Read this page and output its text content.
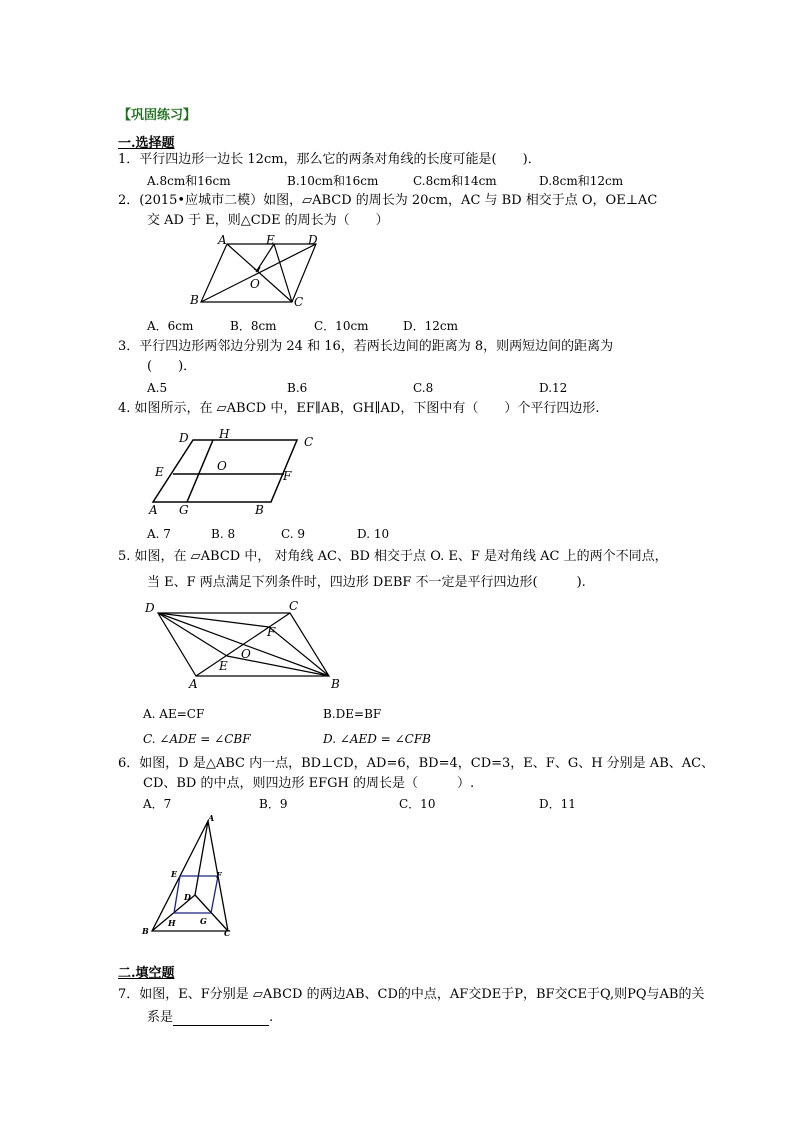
【巩固练习】
一.选择题
1．平行四边形一边长 12cm，那么它的两条对角线的长度可能是(　　)．
A.8cm和16cm	B.10cm和16cm	C.8cm和14cm	D.8cm和12cm
2．(2015•应城市二模）如图，▱ABCD 的周长为 20cm，AC 与 BD 相交于点 O，OE⊥AC
交 AD 于 E，则△CDE 的周长为（　　）
A	E	D
O
B	C
A．6cm	B．8cm	C．10cm	D．12cm
3．平行四边形两邻边分别为 24 和 16，若两长边间的距离为 8，则两短边间的距离为
(　　)．
A.5	B.6	C.8	D.12
4. 如图所示，在 ▱ABCD 中，EF∥AB，GH∥AD，下图中有（　　）个平行四边形.
D	H
C
E	O
F
A G	B
A. 7	B. 8	C. 9	D. 10
5. 如图，在 ▱ABCD 中， 对角线 AC、BD 相交于点 O. E、F 是对角线 AC 上的两个不同点，
当 E、F 两点满足下列条件时，四边形 DEBF 不一定是平行四边形(　　　).
D	C
F
O
E
A	B
A. AE=CF	B.DE=BF
C. ∠ADE = ∠CBF	D. ∠AED = ∠CFB
6．如图，D 是△ABC 内一点，BD⊥CD，AD=6，BD=4，CD=3，E、F、G、H 分别是 AB、AC、
CD、BD 的中点，则四边形 EFGH 的周长是（　　　）.
A．7	B．9	C．10	D．11
A
E	F
D
H	G
B	C
二.填空题
7．如图，E、F分别是 ▱ABCD 的两边AB、CD的中点，AF交DE于P，BF交CE于Q,则PQ与AB的关
系是	.
